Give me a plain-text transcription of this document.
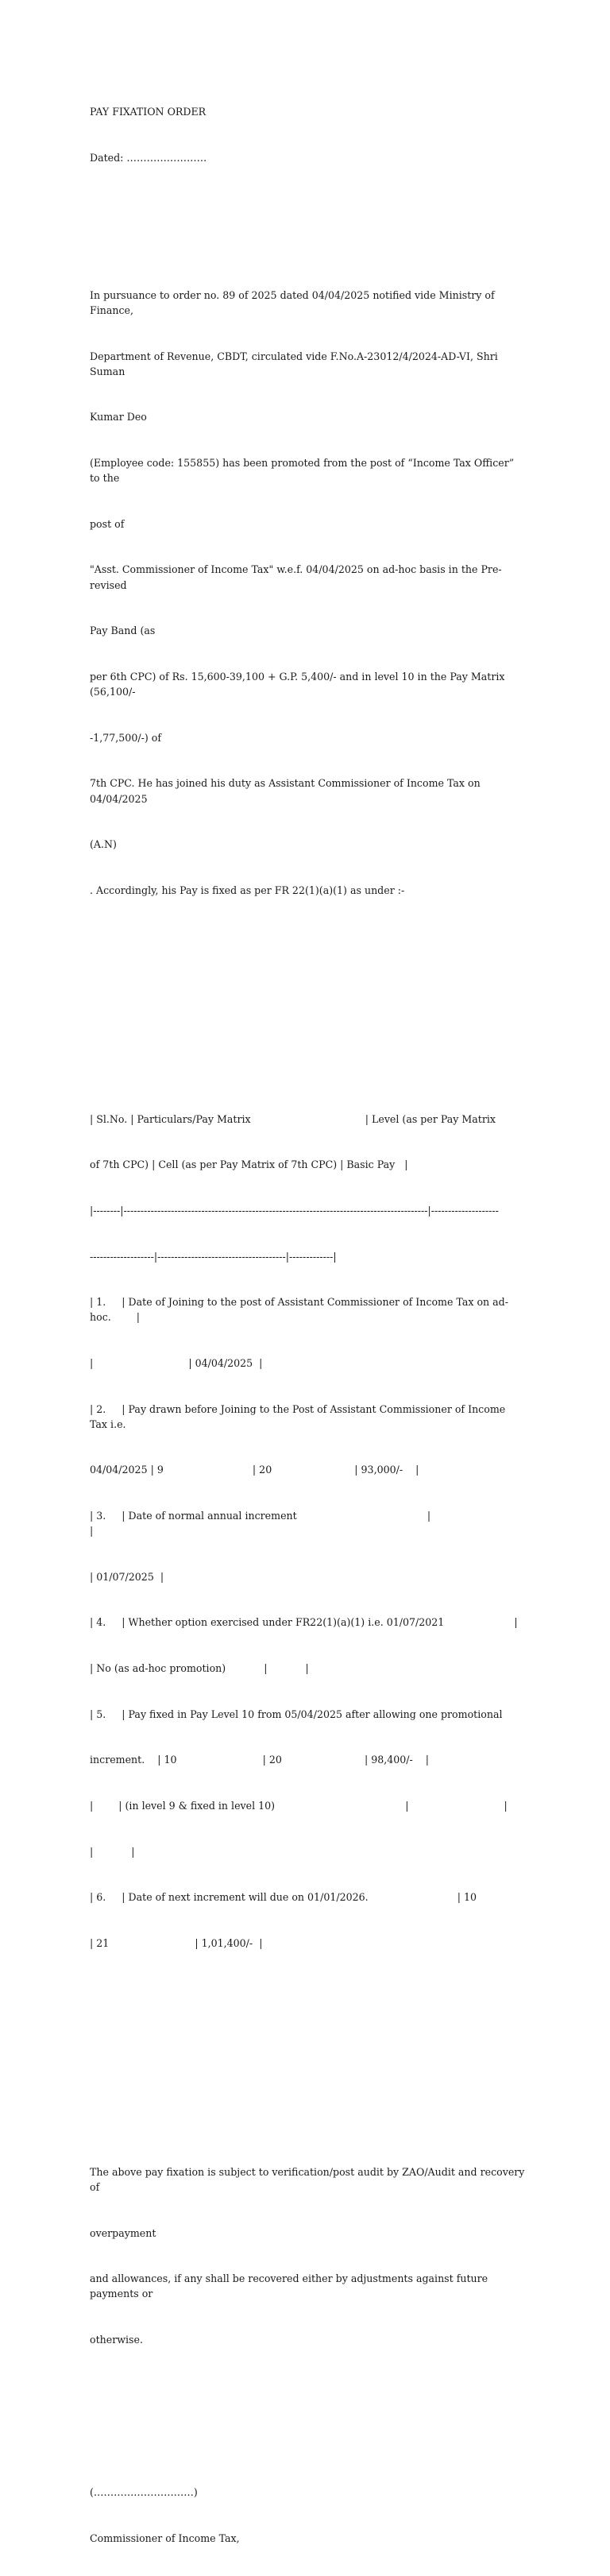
PAY FIXATION ORDER

Dated: ……………………

In pursuance to order no. 89 of 2025 dated 04/04/2025 notified vide Ministry of Finance,

Department of Revenue, CBDT, circulated vide F.No.A-23012/4/2024-AD-VI, Shri Suman

Kumar Deo

(Employee code: 155855) has been promoted from the post of “Income Tax Officer” to the

post of

"Asst. Commissioner of Income Tax" w.e.f. 04/04/2025 on ad-hoc basis in the Pre-revised

Pay Band (as

per 6th CPC) of Rs. 15,600-39,100 + G.P. 5,400/- and in level 10 in the Pay Matrix (56,100/-

-1,77,500/-) of

7th CPC. He has joined his duty as Assistant Commissioner of Income Tax on 04/04/2025

(A.N)

. Accordingly, his Pay is fixed as per FR 22(1)(a)(1) as under :-

| Sl.No. | Particulars/Pay Matrix                                    | Level (as per Pay Matrix

of 7th CPC) | Cell (as per Pay Matrix of 7th CPC) | Basic Pay   |

|--------|------------------------------------------------------------------------------------------|--------------------

-------------------|--------------------------------------|-------------|

| 1.     | Date of Joining to the post of Assistant Commissioner of Income Tax on ad-hoc.        |

|                              | 04/04/2025  |

| 2.     | Pay drawn before Joining to the Post of Assistant Commissioner of Income Tax i.e.

04/04/2025 | 9                            | 20                          | 93,000/-    |

| 3.     | Date of normal annual increment                                         |                              |

| 01/07/2025  |

| 4.     | Whether option exercised under FR22(1)(a)(1) i.e. 01/07/2021                      |

| No (as ad-hoc promotion)            |            |

| 5.     | Pay fixed in Pay Level 10 from 05/04/2025 after allowing one promotional

increment.    | 10                           | 20                          | 98,400/-    |

|        | (in level 9 & fixed in level 10)                                         |                              |

|            |

| 6.     | Date of next increment will due on 01/01/2026.                            | 10

| 21                           | 1,01,400/-  |

The above pay fixation is subject to verification/post audit by ZAO/Audit and recovery of

overpayment

and allowances, if any shall be recovered either by adjustments against future payments or

otherwise.

(…………………………)

Commissioner of Income Tax,
